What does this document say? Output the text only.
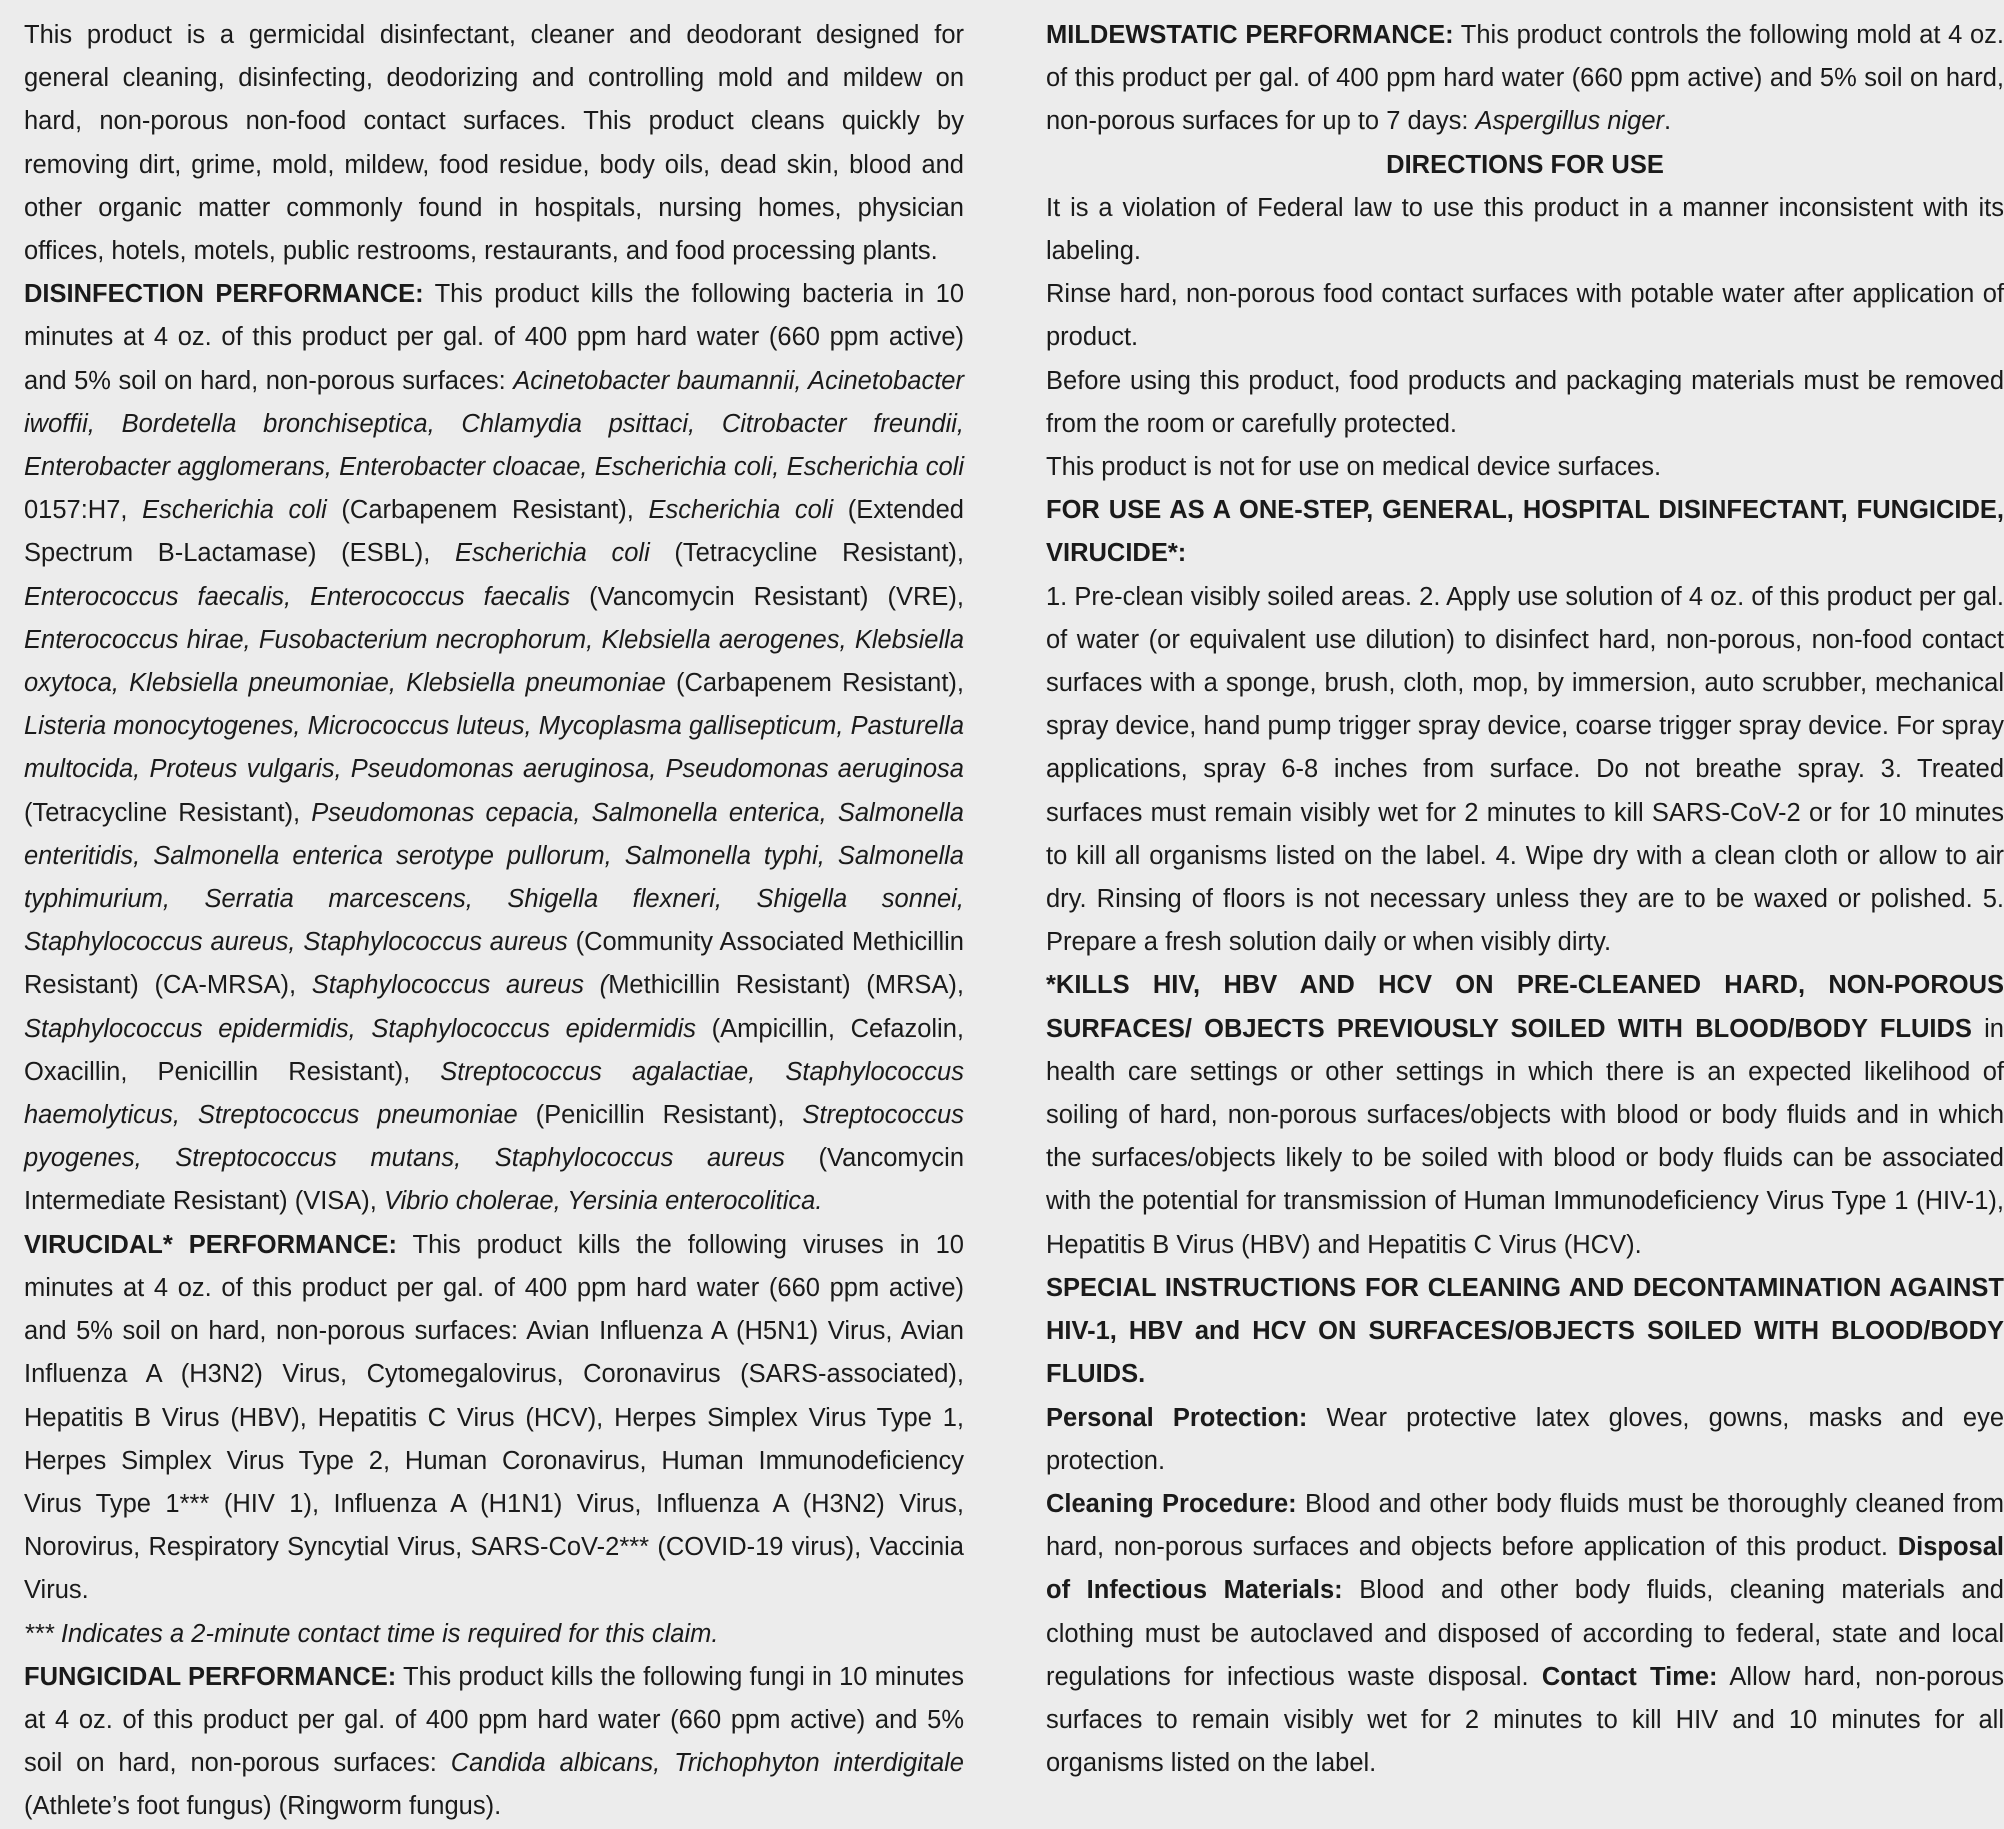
This product is a germicidal disinfectant, cleaner and deodorant designed for general cleaning, disinfecting, deodorizing and controlling mold and mildew on hard, non-porous non-food contact surfaces. This product cleans quickly by removing dirt, grime, mold, mildew, food residue, body oils, dead skin, blood and other organic matter commonly found in hospitals, nursing homes, physician offices, hotels, motels, public restrooms, restaurants, and food processing plants.

DISINFECTION PERFORMANCE: This product kills the following bacteria in 10 minutes at 4 oz. of this product per gal. of 400 ppm hard water (660 ppm active) and 5% soil on hard, non-porous surfaces: Acinetobacter baumannii, Acinetobacter iwoffii, Bordetella bronchiseptica, Chlamydia psittaci, Citrobacter freundii, Enterobacter agglomerans, Enterobacter cloacae, Escherichia coli, Escherichia coli 0157:H7, Escherichia coli (Carbapenem Resistant), Escherichia coli (Extended Spectrum B-Lactamase) (ESBL), Escherichia coli (Tetracycline Resistant), Enterococcus faecalis, Enterococcus faecalis (Vancomycin Resistant) (VRE), Enterococcus hirae, Fusobacterium necrophorum, Klebsiella aerogenes, Klebsiella oxytoca, Klebsiella pneumoniae, Klebsiella pneumoniae (Carbapenem Resistant), Listeria monocytogenes, Micrococcus luteus, Mycoplasma gallisepticum, Pasturella multocida, Proteus vulgaris, Pseudomonas aeruginosa, Pseudomonas aeruginosa (Tetracycline Resistant), Pseudomonas cepacia, Salmonella enterica, Salmonella enteritidis, Salmonella enterica serotype pullorum, Salmonella typhi, Salmonella typhimurium, Serratia marcescens, Shigella flexneri, Shigella sonnei, Staphylococcus aureus, Staphylococcus aureus (Community Associated Methicillin Resistant) (CA-MRSA), Staphylococcus aureus (Methicillin Resistant) (MRSA), Staphylococcus epidermidis, Staphylococcus epidermidis (Ampicillin, Cefazolin, Oxacillin, Penicillin Resistant), Streptococcus agalactiae, Staphylococcus haemolyticus, Streptococcus pneumoniae (Penicillin Resistant), Streptococcus pyogenes, Streptococcus mutans, Staphylococcus aureus (Vancomycin Intermediate Resistant) (VISA), Vibrio cholerae, Yersinia enterocolitica.

VIRUCIDAL* PERFORMANCE: This product kills the following viruses in 10 minutes at 4 oz. of this product per gal. of 400 ppm hard water (660 ppm active) and 5% soil on hard, non-porous surfaces: Avian Influenza A (H5N1) Virus, Avian Influenza A (H3N2) Virus, Cytomegalovirus, Coronavirus (SARS-associated), Hepatitis B Virus (HBV), Hepatitis C Virus (HCV), Herpes Simplex Virus Type 1, Herpes Simplex Virus Type 2, Human Coronavirus, Human Immunodeficiency Virus Type 1*** (HIV 1), Influenza A (H1N1) Virus, Influenza A (H3N2) Virus, Norovirus, Respiratory Syncytial Virus, SARS-CoV-2*** (COVID-19 virus), Vaccinia Virus.

*** Indicates a 2-minute contact time is required for this claim.

FUNGICIDAL PERFORMANCE: This product kills the following fungi in 10 minutes at 4 oz. of this product per gal. of 400 ppm hard water (660 ppm active) and 5% soil on hard, non-porous surfaces: Candida albicans, Trichophyton interdigitale (Athlete’s foot fungus) (Ringworm fungus).

MILDEWSTATIC PERFORMANCE: This product controls the following mold at 4 oz. of this product per gal. of 400 ppm hard water (660 ppm active) and 5% soil on hard, non-porous surfaces for up to 7 days: Aspergillus niger.

DIRECTIONS FOR USE

It is a violation of Federal law to use this product in a manner inconsistent with its labeling.

Rinse hard, non-porous food contact surfaces with potable water after application of product.

Before using this product, food products and packaging materials must be removed from the room or carefully protected.

This product is not for use on medical device surfaces.

FOR USE AS A ONE-STEP, GENERAL, HOSPITAL DISINFECTANT, FUNGICIDE, VIRUCIDE*:

1. Pre-clean visibly soiled areas. 2. Apply use solution of 4 oz. of this product per gal. of water (or equivalent use dilution) to disinfect hard, non-porous, non-food contact surfaces with a sponge, brush, cloth, mop, by immersion, auto scrubber, mechanical spray device, hand pump trigger spray device, coarse trigger spray device. For spray applications, spray 6-8 inches from surface. Do not breathe spray. 3. Treated surfaces must remain visibly wet for 2 minutes to kill SARS-CoV-2 or for 10 minutes to kill all organisms listed on the label. 4. Wipe dry with a clean cloth or allow to air dry. Rinsing of floors is not necessary unless they are to be waxed or polished. 5. Prepare a fresh solution daily or when visibly dirty.

*KILLS HIV, HBV AND HCV ON PRE-CLEANED HARD, NON-POROUS SURFACES/ OBJECTS PREVIOUSLY SOILED WITH BLOOD/BODY FLUIDS in health care settings or other settings in which there is an expected likelihood of soiling of hard, non-porous surfaces/objects with blood or body fluids and in which the surfaces/objects likely to be soiled with blood or body fluids can be associated with the potential for transmission of Human Immunodeficiency Virus Type 1 (HIV-1), Hepatitis B Virus (HBV) and Hepatitis C Virus (HCV).

SPECIAL INSTRUCTIONS FOR CLEANING AND DECONTAMINATION AGAINST HIV-1, HBV and HCV ON SURFACES/OBJECTS SOILED WITH BLOOD/BODY FLUIDS.

Personal Protection: Wear protective latex gloves, gowns, masks and eye protection.

Cleaning Procedure: Blood and other body fluids must be thoroughly cleaned from hard, non-porous surfaces and objects before application of this product. Disposal of Infectious Materials: Blood and other body fluids, cleaning materials and clothing must be autoclaved and disposed of according to federal, state and local regulations for infectious waste disposal. Contact Time: Allow hard, non-porous surfaces to remain visibly wet for 2 minutes to kill HIV and 10 minutes for all organisms listed on the label.
